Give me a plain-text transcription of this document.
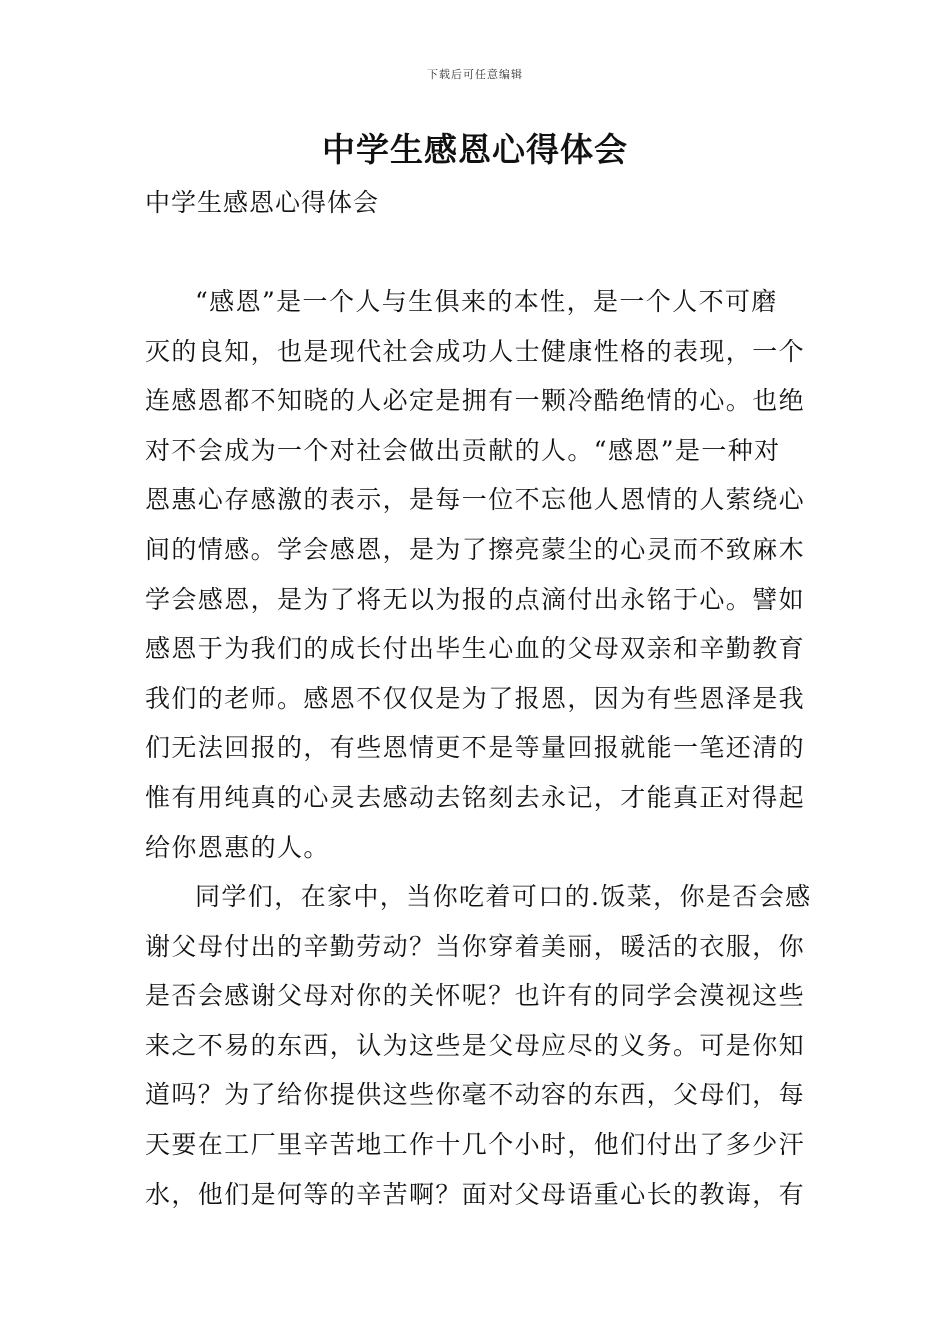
下载后可任意编辑
中学生感恩心得体会
中学生感恩心得体会
“感恩”是一个人与生俱来的本性，是一个人不可磨
灭的良知，也是现代社会成功人士健康性格的表现，一个
连感恩都不知晓的人必定是拥有一颗冷酷绝情的心。也绝
对不会成为一个对社会做出贡献的人。“感恩”是一种对
恩惠心存感激的表示，是每一位不忘他人恩情的人萦绕心
间的情感。学会感恩，是为了擦亮蒙尘的心灵而不致麻木
学会感恩，是为了将无以为报的点滴付出永铭于心。譬如
感恩于为我们的成长付出毕生心血的父母双亲和辛勤教育
我们的老师。感恩不仅仅是为了报恩，因为有些恩泽是我
们无法回报的，有些恩情更不是等量回报就能一笔还清的
惟有用纯真的心灵去感动去铭刻去永记，才能真正对得起
给你恩惠的人。
同学们，在家中，当你吃着可口的.饭菜，你是否会感
谢父母付出的辛勤劳动？当你穿着美丽，暖活的衣服，你
是否会感谢父母对你的关怀呢？也许有的同学会漠视这些
来之不易的东西，认为这些是父母应尽的义务。可是你知
道吗？为了给你提供这些你毫不动容的东西，父母们，每
天要在工厂里辛苦地工作十几个小时，他们付出了多少汗
水，他们是何等的辛苦啊？面对父母语重心长的教诲，有
